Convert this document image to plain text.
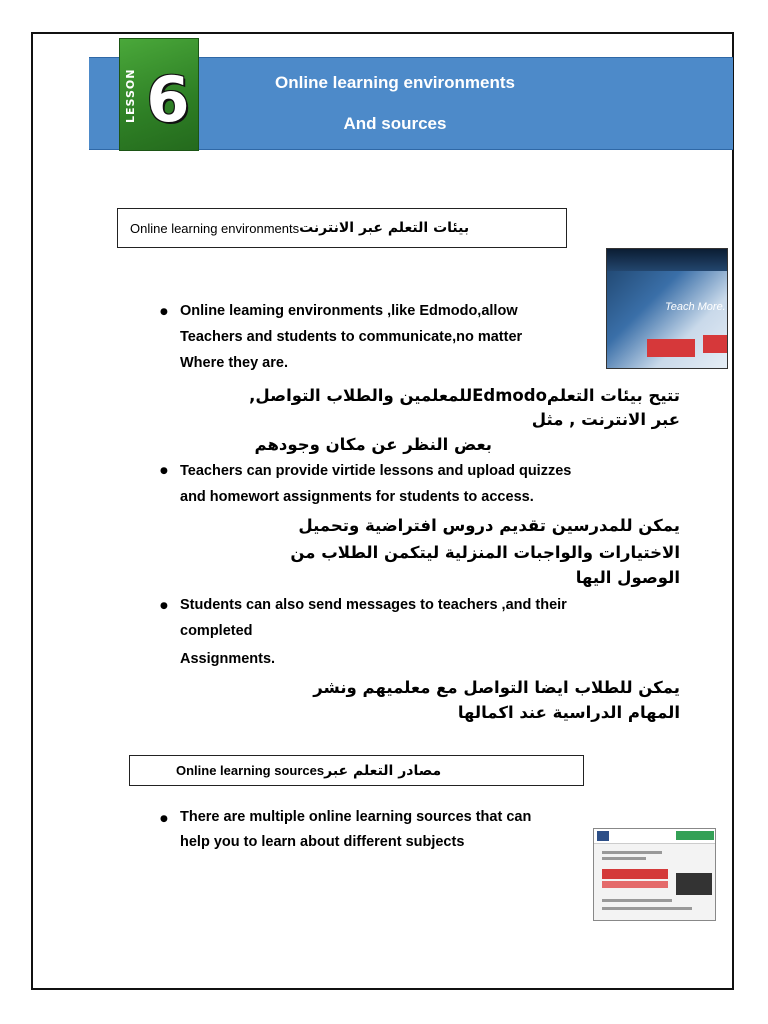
Online learning environments
And sources
LESSON 6
Online learning environments بيئات التعلم عبر الانترنت
Teach More.
● Online leaming environments ,like Edmodo,allow
Teachers and students to communicate,no matter
Where they are.
تتيح بيئات التعلمEdmodoللمعلمين والطلاب التواصل,
عبر الانترنت , مثل
بعض النظر عن مكان وجودهم
● Teachers can provide virtide lessons and upload quizzes
and homewort assignments for students to access.
يمكن للمدرسين تقديم دروس افتراضية وتحميل
الاختيارات والواجبات المنزلية ليتكمن الطلاب من
الوصول اليها
● Students can also send messages to teachers ,and their
completed
Assignments.
يمكن للطلاب ايضا التواصل مع معلميهم ونشر
المهام الدراسية عند اكمالها
Online learning sources مصادر التعلم عبر
● There are multiple online learning sources that can
help you to learn about different subjects
